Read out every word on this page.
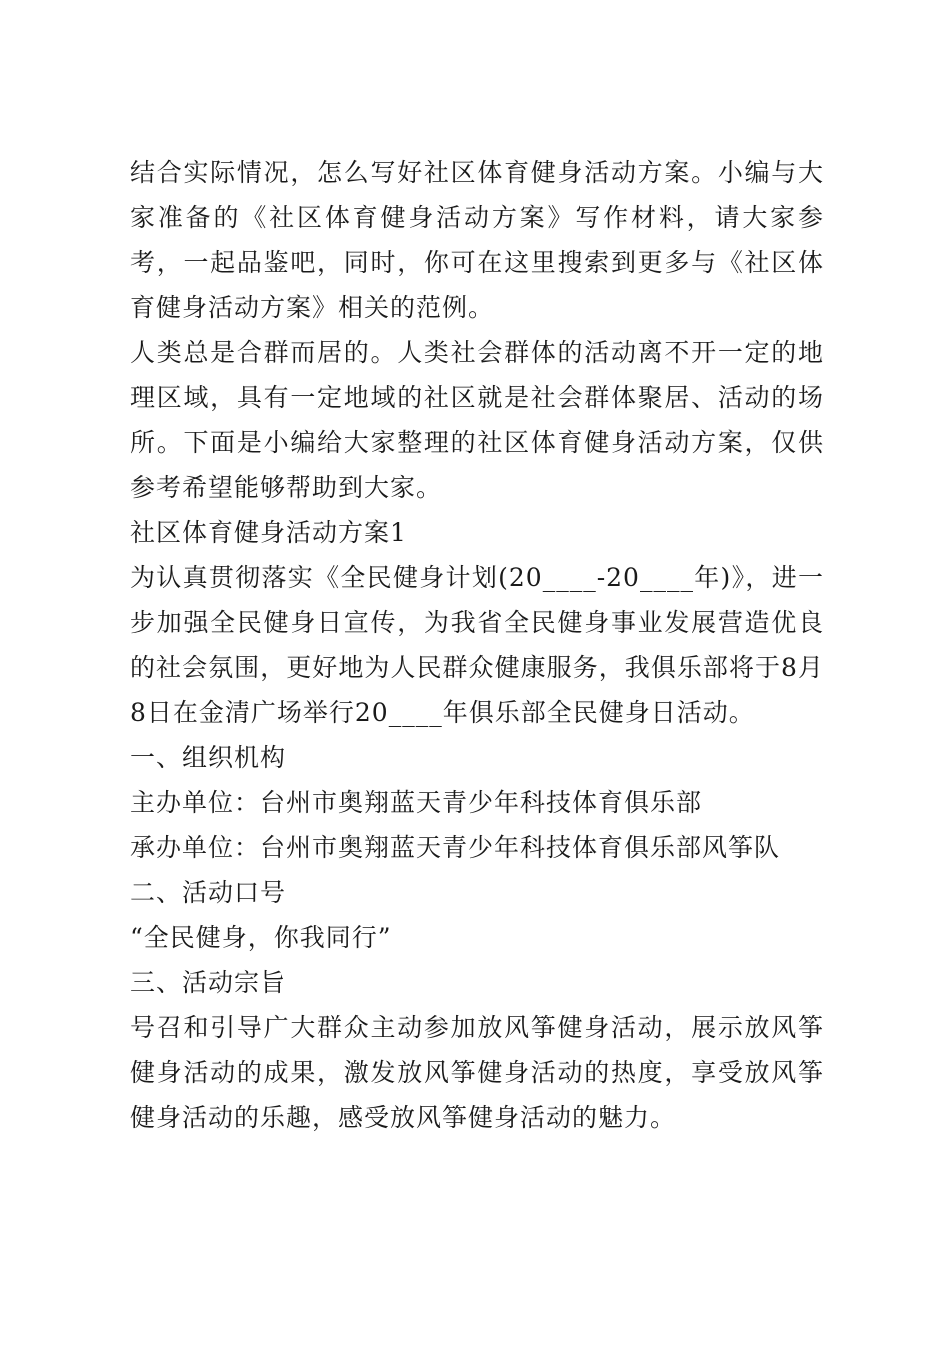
结合实际情况，怎么写好社区体育健身活动方案。小编与大家准备的《社区体育健身活动方案》写作材料，请大家参考，一起品鉴吧，同时，你可在这里搜索到更多与《社区体育健身活动方案》相关的范例。

人类总是合群而居的。人类社会群体的活动离不开一定的地理区域，具有一定地域的社区就是社会群体聚居、活动的场所。下面是小编给大家整理的社区体育健身活动方案，仅供参考希望能够帮助到大家。

社区体育健身活动方案1

为认真贯彻落实《全民健身计划(20____-20____年)》，进一步加强全民健身日宣传，为我省全民健身事业发展营造优良的社会氛围，更好地为人民群众健康服务，我俱乐部将于8月8日在金清广场举行20____年俱乐部全民健身日活动。

一、组织机构

主办单位：台州市奥翔蓝天青少年科技体育俱乐部

承办单位：台州市奥翔蓝天青少年科技体育俱乐部风筝队

二、活动口号

“全民健身，你我同行”

三、活动宗旨

号召和引导广大群众主动参加放风筝健身活动，展示放风筝健身活动的成果，激发放风筝健身活动的热度，享受放风筝健身活动的乐趣，感受放风筝健身活动的魅力。
